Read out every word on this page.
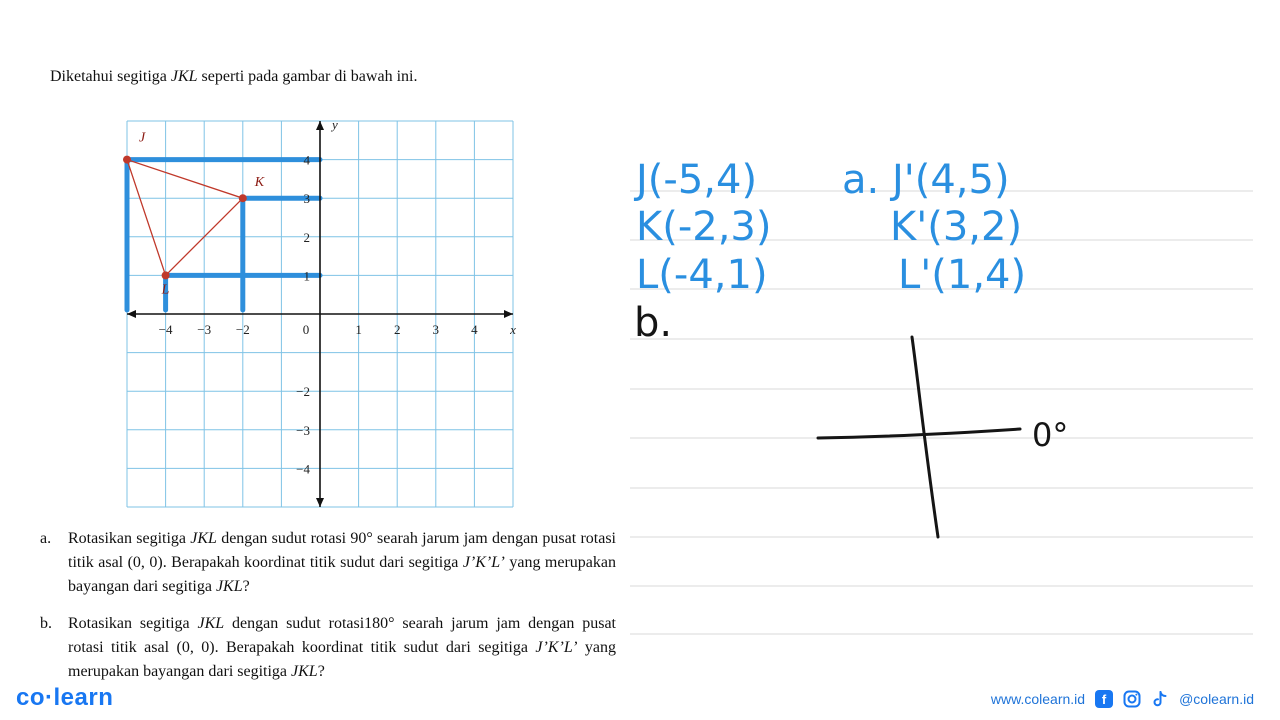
Diketahui segitiga JKL seperti pada gambar di bawah ini.

−4 −3 −2	1 2 3 4
0	x
4
3
2
1
−2
−3
−4
y
J
K
L
a. Rotasikan segitiga JKL dengan sudut rotasi 90° searah jarum jam dengan pusat rotasi titik asal (0, 0). Berapakah koordinat titik sudut dari segitiga J’K’L’ yang merupakan bayangan dari segitiga JKL?
b. Rotasikan segitiga JKL dengan sudut rotasi180° searah jarum jam dengan pusat rotasi titik asal (0, 0). Berapakah koordinat titik sudut dari segitiga J’K’L’ yang merupakan bayangan dari segitiga JKL?
J(-5,4) a. J'(4,5)
K(-2,3)	K'(3,2)
L(-4,1)	L'(1,4)
b.
0°
co·learn	www.colearn.id	f	@colearn.id
